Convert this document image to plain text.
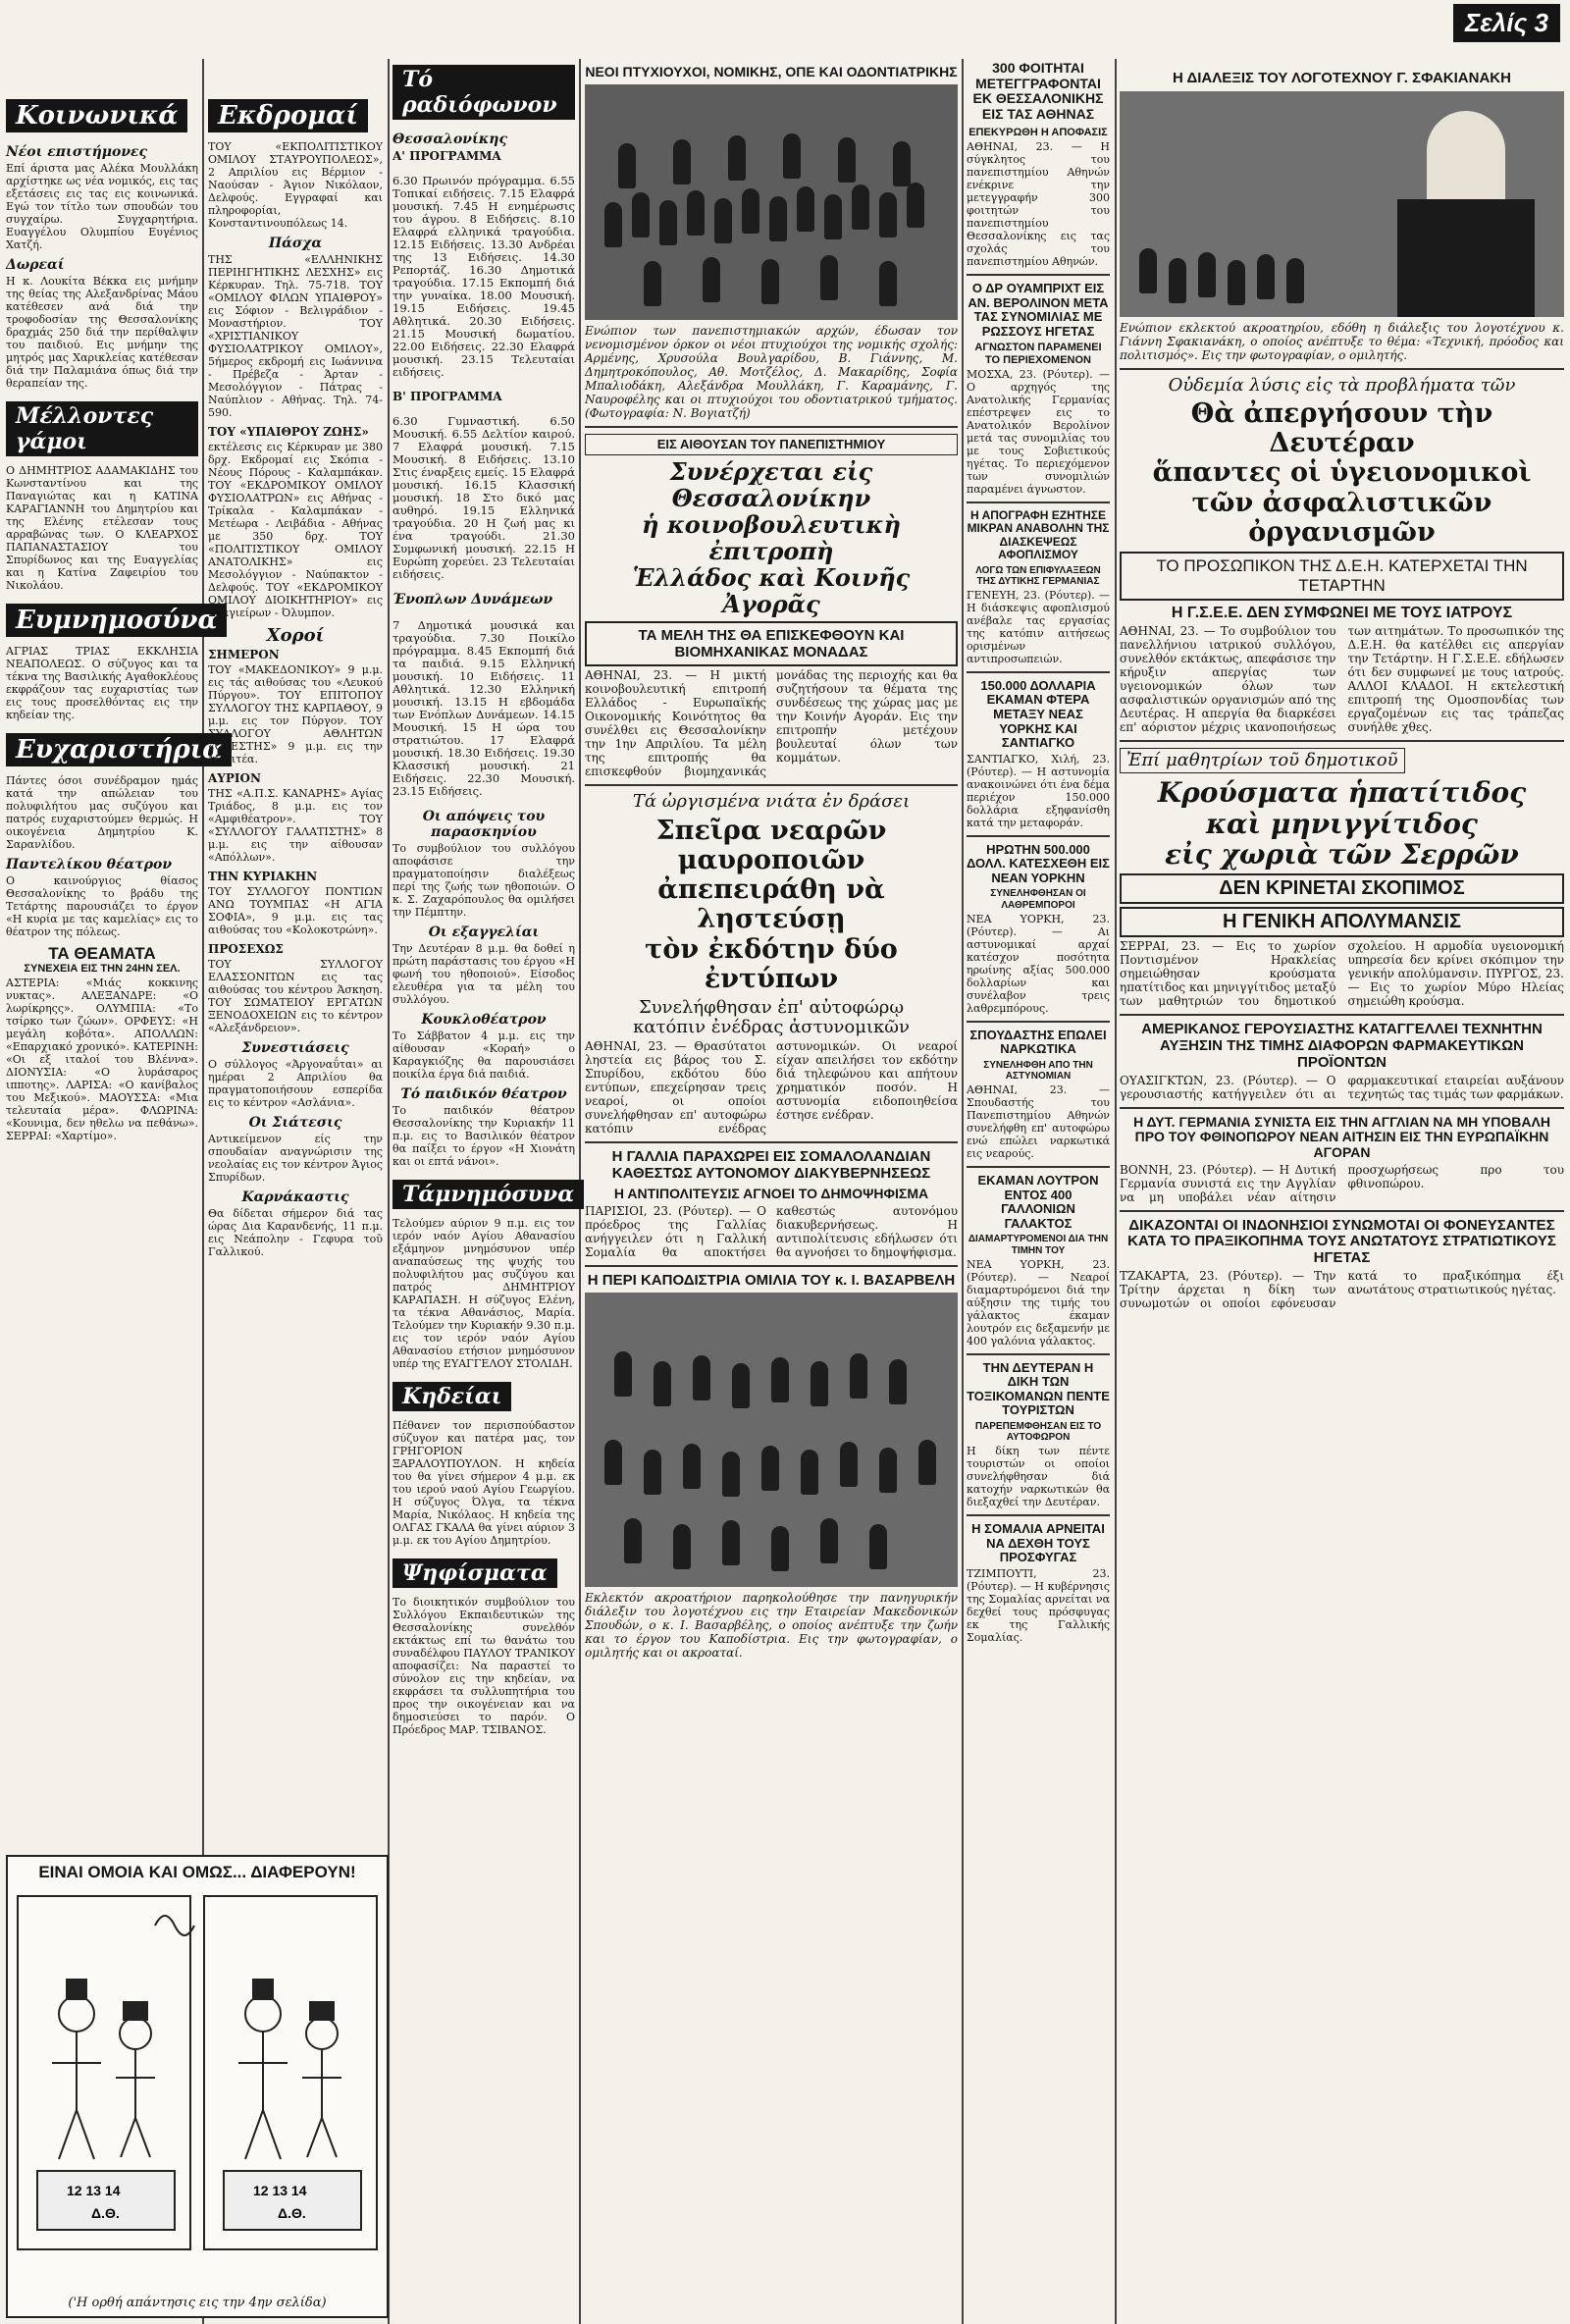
Κοινωνικά
Νέοι επιστήμονες

Επί άριστα μας Αλέκα Μουλλάκη αρχίστηκε ως νέα νομικός, εις τας εξετάσεις εις τας εις κοινωνικά. Εγώ τον τίτλο των σπουδών του συγχαίρω. Συγχαρητήρια. Ευαγγέλου Ολυμπίου Ευγένιος Χατζή.

Δωρεαί

Η κ. Λουκίτα Βέκκα εις μνήμην της θείας της Αλεξανδρίνας Μάου κατέθεσεν ανά διά την τροφοδοσίαν της Θεσσαλονίκης δραχμάς 250 διά την περίθαλψιν του παιδιού. Εις μνήμην της μητρός μας Χαρικλείας κατέθεσαν διά την Παλαμιάνα όπως διά την θεραπείαν της.

Μέλλοντες γάμοι

Ο ΔΗΜΗΤΡΙΟΣ ΑΔΑΜΑΚΙΔΗΣ του Κωνσταντίνου και της Παναγιώτας και η ΚΑΤΙΝΑ ΚΑΡΑΓΙΑΝΝΗ του Δημητρίου και της Ελένης ετέλεσαν τους αρραβώνας των. Ο ΚΛΕΑΡΧΟΣ ΠΑΠΑΝΑΣΤΑΣΙΟΥ του Σπυρίδωνος και της Ευαγγελίας και η Κατίνα Ζαφειρίου του Νικολάου.

Ευμνημοσύνα

ΑΓΡΙΑΣ ΤΡΙΑΣ ΕΚΚΛΗΣΙΑ ΝΕΑΠΟΛΕΩΣ. Ο σύζυγος και τα τέκνα της Βασιλικής Αγαθοκλέους εκφράζουν τας ευχαριστίας των εις τους προσελθόντας εις την κηδείαν της.

Ευχαριστήρια

Πάντες όσοι συνέδραμον ημάς κατά την απώλειαν του πολυφιλήτου μας συζύγου και πατρός ευχαριστούμεν θερμώς. Η οικογένεια Δημητρίου Κ. Σαρανλίδου.

Παντελίκου θέατρον

Ο καινούργιος θίασος Θεσσαλονίκης το βράδυ της Τετάρτης παρουσιάζει το έργον «Η κυρία με τας καμελίας» εις το θέατρον της πόλεως.

ΤΑ ΘΕΑΜΑΤΑ
ΣΥΝΕΧΕΙΑ ΕΙΣ ΤΗΝ 24ΗΝ ΣΕΛ.

ΑΣΤΕΡΙΑ: «Μιάς κοκκινης νυκτας». ΑΛΕΞΑΝΔΡΕ: «Ο λωρίκρηςς». ΟΛΥΜΠΙΑ: «Το τσίρκο των ζώων». ΟΡΦΕΥΣ: «Η μεγάλη κοβότα». ΑΠΟΛΛΩΝ: «Επαρχιακό χρονικό». ΚΑΤΕΡΙΝΗ: «Οι εξ ιταλοί του Βλέννα». ΔΙΟΝΥΣΙΑ: «Ο λυράσαρος ιπποτης». ΛΑΡΙΣΑ: «Ο κανίβαλος του Μεξικού». ΜΑΟΥΣΣΑ: «Μια τελευταία μέρα». ΦΛΩΡΙΝΑ: «Κουνιμα, δεν ηθελω να πεθάνω». ΣΕΡΡΑΙ: «Χαρτίμο».

ΕΙΝΑΙ ΟΜΟΙΑ ΚΑΙ ΟΜΩΣ... ΔΙΑΦΕΡΟΥΝ!
12 13 14
Δ.Θ.
12 13 14
Δ.Θ.
('Η ορθή απάντησις εις την 4ην σελίδα)
Εκδρομαί

ΤΟΥ «ΕΚΠΟΛΙΤΙΣΤΙΚΟΥ ΟΜΙΛΟΥ ΣΤΑΥΡΟΥΠΟΛΕΩΣ», 2 Απριλίου εις Βέρμιον - Ναούσαν - Άγιον Νικόλαον, Δελφούς. Εγγραφαί και πληροφορίαι, Κονσταντινουπόλεως 14.

Πάσχα

ΤΗΣ «ΕΛΛΗΝΙΚΗΣ ΠΕΡΙΗΓΗΤΙΚΗΣ ΛΕΣΧΗΣ» εις Κέρκυραν. Τηλ. 75-718. ΤΟΥ «ΟΜΙΛΟΥ ΦΙΛΩΝ ΥΠΑΙΘΡΟΥ» εις Σόφιον - Βελιγράδιον - Μοναστήριον. ΤΟΥ «ΧΡΙΣΤΙΑΝΙΚΟΥ ΦΥΣΙΟΛΑΤΡΙΚΟΥ ΟΜΙΛΟΥ», 5ήμερος εκδρομή εις Ιωάννινα - Πρέβεζα - Άρταν - Μεσολόγγιον - Πάτρας - Ναύπλιον - Αθήνας. Τηλ. 74-590.

ΤΟΥ «ΥΠΑΙΘΡΟΥ ΖΩΗΣ»

εκτέλεσις εις Κέρκυραν με 380 δρχ. Εκδρομαί εις Σκόπια - Νέους Πόρους - Καλαμπάκαν. ΤΟΥ «ΕΚΔΡΟΜΙΚΟΥ ΟΜΙΛΟΥ ΦΥΣΙΟΛΑΤΡΩΝ» εις Αθήνας - Τρίκαλα - Καλαμπάκαν - Μετέωρα - Λειβάδια - Αθήνας με 350 δρχ. ΤΟΥ «ΠΟΛΙΤΙΣΤΙΚΟΥ ΟΜΙΛΟΥ ΑΝΑΤΟΛΙΚΗΣ» εις Μεσολόγγιον - Ναύπακτον - Δελφούς. ΤΟΥ «ΕΚΔΡΟΜΙΚΟΥ ΟΜΙΛΟΥ ΔΙΟΙΚΗΤΗΡΙΟΥ» εις Σταγιείρων - Όλυμπον.

Χοροί
ΣΗΜΕΡΟΝ

ΤΟΥ «ΜΑΚΕΔΟΝΙΚΟΥ» 9 μ.μ. εις τάς αιθούσας του «Λευκού Πύργου». ΤΟΥ ΕΠΙΤΟΠΟΥ ΣΥΛΛΟΓΟΥ ΤΗΣ ΚΑΡΠΑΘΟΥ, 9 μ.μ. εις τον Πύργον. ΤΟΥ ΣΥΛΛΟΓΟΥ ΑΘΛΗΤΩΝ «ΟΡΕΣΤΗΣ» 9 μ.μ. εις την Μελιτέα.

ΑΥΡΙΟΝ

ΤΗΣ «Α.Π.Σ. ΚΑΝΑΡΗΣ» Αγίας Τριάδος, 8 μ.μ. εις τον «Αμφιθέατρον». ΤΟΥ «ΣΥΛΛΟΓΟΥ ΓΑΛΑΤΙΣΤΗΣ» 8 μ.μ. εις την αίθουσαν «Απόλλων».

ΤΗΝ ΚΥΡΙΑΚΗΝ

ΤΟΥ ΣΥΛΛΟΓΟΥ ΠΟΝΤΙΩΝ ΑΝΩ ΤΟΥΜΠΑΣ «Η ΑΓΙΑ ΣΟΦΙΑ», 9 μ.μ. εις τας αιθούσας του «Κολοκοτρώνη».

ΠΡΟΣΕΧΩΣ

ΤΟΥ ΣΥΛΛΟΓΟΥ ΕΛΑΣΣΟΝΙΤΩΝ εις τας αιθούσας του κέντρου Άσκηση. ΤΟΥ ΣΩΜΑΤΕΙΟΥ ΕΡΓΑΤΩΝ ΞΕΝΟΔΟΧΕΙΩΝ εις το κέντρον «Αλεξάνδρειον».

Συνεστιάσεις

Ο σύλλογος «Άργοναΰται» αι ημέραι 2 Απριλίου θα πραγματοποιήσουν εσπερίδα εις το κέντρον «Ασλάνια».

Οι Σιάτεσις

Αντικείμενον είς την σπουδαίαν αναγνώρισιν της νεολαίας εις τον κέντρον Άγιος Σπυρίδων.

Καρνάκαστις

Θα δίδεται σήμερον διά τας ώρας Δια Καρανδενής, 11 π.μ. εις Νεάπολην - Γεφυρα τοῦ Γαλλικού.

Τό ραδιόφωνον
Θεσσαλονίκης
Α' ΠΡΟΓΡΑΜΜΑ

6.30 Πρωινόν πρόγραμμα. 6.55 Τοπικαί ειδήσεις. 7.15 Ελαφρά μουσική. 7.45 Η ενημέρωσις του άγρου. 8 Ειδήσεις. 8.10 Ελαφρά ελληνικά τραγούδια. 12.15 Ειδήσεις. 13.30 Ανδρέαι της 13 Ειδήσεις. 14.30 Ρεπορτάζ. 16.30 Δημοτικά τραγούδια. 17.15 Εκπομπή διά την γυναίκα. 18.00 Μουσική. 19.15 Ειδήσεις. 19.45 Αθλητικά. 20.30 Ειδήσεις. 21.15 Μουσική δωματίου. 22.00 Ειδήσεις. 22.30 Ελαφρά μουσική. 23.15 Τελευταίαι ειδήσεις.

Β' ΠΡΟΓΡΑΜΜΑ

6.30 Γυμναστική. 6.50 Μουσική. 6.55 Δελτίον καιρού. 7 Ελαφρά μουσική. 7.15 Μουσική. 8 Ειδήσεις. 13.10 Στις έναρξεις εμείς. 15 Ελαφρά μουσική. 16.15 Κλασσική μουσική. 18 Στο δικό μας αυθηρό. 19.15 Ελληνικά τραγούδια. 20 Η ζωή μας κι ένα τραγούδι. 21.30 Συμφωνική μουσική. 22.15 Η Ευρώπη χορεύει. 23 Τελευταίαι ειδήσεις.

Ένοπλων Δυνάμεων

7 Δημοτικά μουσικά και τραγούδια. 7.30 Ποικίλο πρόγραμμα. 8.45 Εκπομπή διά τα παιδιά. 9.15 Ελληνική μουσική. 10 Ειδήσεις. 11 Αθλητικά. 12.30 Ελληνική μουσική. 13.15 Η εβδομάδα των Ενόπλων Δυνάμεων. 14.15 Μουσική. 15 Η ώρα του στρατιώτου. 17 Ελαφρά μουσική. 18.30 Ειδήσεις. 19.30 Κλασσική μουσική. 21 Ειδήσεις. 22.30 Μουσική. 23.15 Ειδήσεις.

Οι απόψεις του παρασκηνίου

Το συμβούλιον του συλλόγου αποφάσισε την πραγματοποίησιν διαλέξεως περί της ζωής των ηθοποιών. Ο κ. Σ. Ζαχαρόπουλος θα ομιλήσει την Πέμπτην.

Οι εξαγγελίαι

Την Δευτέραν 8 μ.μ. θα δοθεί η πρώτη παράστασις του έργου «Η φωνή του ηθοποιού». Είσοδος ελευθέρα για τα μέλη του συλλόγου.

Κουκλοθέατρον

Το Σάββατον 4 μ.μ. εις την αίθουσαν «Κοραή» ο Καραγκιόζης θα παρουσιάσει ποικίλα έργα διά παιδιά.

Τό παιδικόν θέατρον

Το παιδικόν θέατρον Θεσσαλονίκης την Κυριακήν 11 π.μ. εις το Βασιλικόν θέατρον θα παίξει το έργον «Η Χιονάτη και οι επτά νάνοι».

Τάμνημόσυνα

Τελούμεν αύριον 9 π.μ. εις τον ιερόν ναόν Αγίου Αθανασίου εξάμηνον μνημόσυνον υπέρ αναπαύσεως της ψυχής του πολυφιλήτου μας συζύγου και πατρός ΔΗΜΗΤΡΙΟΥ ΚΑΡΑΠΑΣΗ. Η σύζυγος Ελένη, τα τέκνα Αθανάσιος, Μαρία. Τελούμεν την Κυριακήν 9.30 π.μ. εις τον ιερόν ναόν Αγίου Αθανασίου ετήσιον μνημόσυνον υπέρ της ΕΥΑΓΓΕΛΟΥ ΣΤΟΛΙΔΗ.

Κηδείαι

Πέθανεν τον περισπούδαστον σύζυγον και πατέρα μας, τον ΓΡΗΓΟΡΙΟΝ ΞΑΡΑΛΟΥΠΟΥΛΟΝ. Η κηδεία του θα γίνει σήμερον 4 μ.μ. εκ του ιερού ναού Αγίου Γεωργίου. Η σύζυγος Όλγα, τα τέκνα Μαρία, Νικόλαος. Η κηδεία της ΟΛΓΑΣ ΓΚΑΛΑ θα γίνει αύριον 3 μ.μ. εκ του Αγίου Δημητρίου.

Ψηφίσματα

Το διοικητικόν συμβούλιον του Συλλόγου Εκπαιδευτικών της Θεσσαλονίκης συνελθόν εκτάκτως επί τω θανάτω του συναδέλφου ΠΑΥΛΟΥ ΤΡΑΝΙΚΟΥ αποφασίζει: Να παραστεί το σύνολον εις την κηδείαν, να εκφράσει τα συλλυπητήρια του προς την οικογένειαν και να δημοσιεύσει το παρόν. Ο Πρόεδρος ΜΑΡ. ΤΣΙΒΑΝΟΣ.

ΝΕΟΙ ΠΤΥΧΙΟΥΧΟΙ, ΝΟΜΙΚΗΣ, ΟΠΕ ΚΑΙ ΟΔΟΝΤΙΑΤΡΙΚΗΣ

Ενώπιον των πανεπιστημιακών αρχών, έδωσαν τον νενομισμένον όρκον οι νέοι πτυχιούχοι της νομικής σχολής: Αρμένης, Χρυσούλα Βουλγαρίδου, Β. Γιάννης, Μ. Δημητροκόπουλος, Αθ. Μοτζέλος, Δ. Μακαρίδης, Σοφία Μπαλιοδάκη, Αλεξάνδρα Μουλλάκη, Γ. Καραμάνης, Γ. Ναυροφέλης και οι πτυχιούχοι του οδοντιατρικού τμήματος. (Φωτογραφία: Ν. Βογιατζή)

ΕΙΣ ΑΙΘΟΥΣΑΝ ΤΟΥ ΠΑΝΕΠΙΣΤΗΜΙΟΥ
Συνέρχεται εἰς Θεσσαλονίκην
ἡ κοινοβουλευτικὴ ἐπιτροπὴ
Ἑλλάδος καὶ Κοινῆς Ἀγορᾶς
ΤΑ ΜΕΛΗ ΤΗΣ ΘΑ ΕΠΙΣΚΕΦΘΟΥΝ ΚΑΙ ΒΙΟΜΗΧΑΝΙΚΑΣ ΜΟΝΑΔΑΣ

ΑΘΗΝΑΙ, 23. — Η μικτή κοινοβουλευτική επιτροπή Ελλάδος - Ευρωπαϊκής Οικονομικής Κοινότητος θα συνέλθει εις Θεσσαλονίκην την 1ην Απριλίου. Τα μέλη της επιτροπής θα επισκεφθούν βιομηχανικάς μονάδας της περιοχής και θα συζητήσουν τα θέματα της συνδέσεως της χώρας μας με την Κοινήν Αγοράν. Εις την επιτροπήν μετέχουν βουλευταί όλων των κομμάτων.

Τά ὠργισμένα νιάτα ἐν δράσει
Σπεῖρα νεαρῶν μαυροποιῶν
ἀπεπειράθη νὰ ληστεύσῃ
τὸν ἐκδότην δύο ἐντύπων
Συνελήφθησαν ἐπ' αὐτοφώρῳ
κατόπιν ἐνέδρας ἀστυνομικῶν

ΑΘΗΝΑΙ, 23. — Θρασύτατοι ληστεία εις βάρος του Σ. Σπυρίδου, εκδότου δύο εντύπων, επεχείρησαν τρεις νεαροί, οι οποίοι συνελήφθησαν επ' αυτοφώρω κατόπιν ενέδρας αστυνομικών. Οι νεαροί είχαν απειλήσει τον εκδότην διά τηλεφώνου και απήτουν χρηματικόν ποσόν. Η αστυνομία ειδοποιηθείσα έστησε ενέδραν.

Η ΓΑΛΛΙΑ ΠΑΡΑΧΩΡΕΙ ΕΙΣ ΣΟΜΑΛΟΛΑΝΔΙΑΝ ΚΑΘΕΣΤΩΣ ΑΥΤΟΝΟΜΟΥ ΔΙΑΚΥΒΕΡΝΗΣΕΩΣ
Η ΑΝΤΙΠΟΛΙΤΕΥΣΙΣ ΑΓΝΟΕΙ ΤΟ ΔΗΜΟΨΗΦΙΣΜΑ

ΠΑΡΙΣΙΟΙ, 23. (Ρόυτερ). — Ο πρόεδρος της Γαλλίας ανήγγειλεν ότι η Γαλλική Σομαλία θα αποκτήσει καθεστώς αυτονόμου διακυβερνήσεως. Η αντιπολίτευσις εδήλωσεν ότι θα αγνοήσει το δημοψήφισμα.

Η ΠΕΡΙ ΚΑΠΟΔΙΣΤΡΙΑ ΟΜΙΛΙΑ ΤΟΥ κ. Ι. ΒΑΣΑΡΒΕΛΗ

Εκλεκτόν ακροατήριον παρηκολούθησε την πανηγυρικήν διάλεξιν του λογοτέχνου εις την Εταιρείαν Μακεδονικών Σπουδών, ο κ. Ι. Βασαρβέλης, ο οποίος ανέπτυξε την ζωήν και το έργον του Καποδίστρια. Εις την φωτογραφίαν, ο ομιλητής και οι ακροαταί.

300 ΦΟΙΤΗΤΑΙ ΜΕΤΕΓΓΡΑΦΟΝΤΑΙ ΕΚ ΘΕΣΣΑΛΟΝΙΚΗΣ ΕΙΣ ΤΑΣ ΑΘΗΝΑΣ
ΕΠΕΚΥΡΩΘΗ Η ΑΠΟΦΑΣΙΣ

ΑΘΗΝΑΙ, 23. — Η σύγκλητος του πανεπιστημίου Αθηνών ενέκρινε την μετεγγραφήν 300 φοιτητών του πανεπιστημίου Θεσσαλονίκης εις τας σχολάς του πανεπιστημίου Αθηνών.

Ο ΔΡ ΟΥΑΜΠΡΙΧΤ ΕΙΣ ΑΝ. ΒΕΡΟΛΙΝΟΝ ΜΕΤΑ ΤΑΣ ΣΥΝΟΜΙΛΙΑΣ ΜΕ ΡΩΣΣΟΥΣ ΗΓΕΤΑΣ
ΑΓΝΩΣΤΟΝ ΠΑΡΑΜΕΝΕΙ ΤΟ ΠΕΡΙΕΧΟΜΕΝΟΝ

ΜΟΣΧΑ, 23. (Ρόυτερ). — Ο αρχηγός της Ανατολικής Γερμανίας επέστρεψεν εις το Ανατολικόν Βερολίνον μετά τας συνομιλίας του με τους Σοβιετικούς ηγέτας. Το περιεχόμενον των συνομιλιών παραμένει άγνωστον.

Η ΑΠΟΓΡΑΦΗ ΕΖΗΤΗΣΕ ΜΙΚΡΑΝ ΑΝΑΒΟΛΗΝ ΤΗΣ ΔΙΑΣΚΕΨΕΩΣ ΑΦΟΠΛΙΣΜΟΥ
ΛΟΓΩ ΤΩΝ ΕΠΙΦΥΛΑΞΕΩΝ ΤΗΣ ΔΥΤΙΚΗΣ ΓΕΡΜΑΝΙΑΣ

ΓΕΝΕΥΗ, 23. (Ρόυτερ). — Η διάσκεψις αφοπλισμού ανέβαλε τας εργασίας της κατόπιν αιτήσεως ορισμένων αντιπροσωπειών.

150.000 ΔΟΛΛΑΡΙΑ ΕΚΑΜΑΝ ΦΤΕΡΑ ΜΕΤΑΞΥ ΝΕΑΣ ΥΟΡΚΗΣ ΚΑΙ ΣΑΝΤΙΑΓΚΟ

ΣΑΝΤΙΑΓΚΟ, Χιλή, 23. (Ρόυτερ). — Η αστυνομία ανακοινώνει ότι ένα δέμα περιέχον 150.000 δολλάρια εξηφανίσθη κατά την μεταφοράν.

ΗΡΩΤΗΝ 500.000 ΔΟΛΛ. ΚΑΤΕΣΧΕΘΗ ΕΙΣ ΝΕΑΝ ΥΟΡΚΗΝ
ΣΥΝΕΛΗΦΘΗΣΑΝ ΟΙ ΛΑΘΡΕΜΠΟΡΟΙ

ΝΕΑ ΥΟΡΚΗ, 23. (Ρόυτερ). — Αι αστυνομικαί αρχαί κατέσχον ποσότητα ηρωίνης αξίας 500.000 δολλαρίων και συνέλαβον τρεις λαθρεμπόρους.

ΣΠΟΥΔΑΣΤΗΣ ΕΠΩΛΕΙ ΝΑΡΚΩΤΙΚΑ
ΣΥΝΕΛΗΦΘΗ ΑΠΟ ΤΗΝ ΑΣΤΥΝΟΜΙΑΝ

ΑΘΗΝΑΙ, 23. — Σπουδαστής του Πανεπιστημίου Αθηνών συνελήφθη επ' αυτοφώρω ενώ επώλει ναρκωτικά εις νεαρούς.

ΕΚΑΜΑΝ ΛΟΥΤΡΟΝ ΕΝΤΟΣ 400 ΓΑΛΛΟΝΙΩΝ ΓΑΛΑΚΤΟΣ
ΔΙΑΜΑΡΤΥΡΟΜΕΝΟΙ ΔΙΑ ΤΗΝ ΤΙΜΗΝ ΤΟΥ

ΝΕΑ ΥΟΡΚΗ, 23. (Ρόυτερ). — Νεαροί διαμαρτυρόμενοι διά την αύξησιν της τιμής του γάλακτος έκαμαν λουτρόν εις δεξαμενήν με 400 γαλόνια γάλακτος.

ΤΗΝ ΔΕΥΤΕΡΑΝ Η ΔΙΚΗ ΤΩΝ ΤΟΞΙΚΟΜΑΝΩΝ ΠΕΝΤΕ ΤΟΥΡΙΣΤΩΝ
ΠΑΡΕΠΕΜΦΘΗΣΑΝ ΕΙΣ ΤΟ ΑΥΤΟΦΩΡΟΝ

Η δίκη των πέντε τουριστών οι οποίοι συνελήφθησαν διά κατοχήν ναρκωτικών θα διεξαχθεί την Δευτέραν.

Η ΣΟΜΑΛΙΑ ΑΡΝΕΙΤΑΙ ΝΑ ΔΕΧΘΗ ΤΟΥΣ ΠΡΟΣΦΥΓΑΣ

ΤΖΙΜΠΟΥΤΙ, 23. (Ρόυτερ). — Η κυβέρνησις της Σομαλίας αρνείται να δεχθεί τους πρόσφυγας εκ της Γαλλικής Σομαλίας.

Σελίς 3
Η ΔΙΑΛΕΞΙΣ ΤΟΥ ΛΟΓΟΤΕΧΝΟΥ Γ. ΣΦΑΚΙΑΝΑΚΗ

Ενώπιον εκλεκτού ακροατηρίου, εδόθη η διάλεξις του λογοτέχνου κ. Γιάννη Σφακιανάκη, ο οποίος ανέπτυξε το θέμα: «Τεχνική, πρόοδος και πολιτισμός». Εις την φωτογραφίαν, ο ομιλητής.

Οὐδεμία λύσις εἰς τὰ προβλήματα τῶν
Θὰ ἀπεργήσουν τὴν Δευτέραν
ἅπαντες οἱ ὑγειονομικοὶ
τῶν ἀσφαλιστικῶν ὀργανισμῶν
ΤΟ ΠΡΟΣΩΠΙΚΟΝ ΤΗΣ Δ.Ε.Η. ΚΑΤΕΡΧΕΤΑΙ ΤΗΝ ΤΕΤΑΡΤΗΝ
Η Γ.Σ.Ε.Ε. ΔΕΝ ΣΥΜΦΩΝΕΙ ΜΕ ΤΟΥΣ ΙΑΤΡΟΥΣ

ΑΘΗΝΑΙ, 23. — Το συμβούλιον του πανελλήνιου ιατρικού συλλόγου, συνελθόν εκτάκτως, απεφάσισε την κήρυξιν απεργίας των υγειονομικών όλων των ασφαλιστικών οργανισμών από της Δευτέρας. Η απεργία θα διαρκέσει επ' αόριστον μέχρις ικανοποιήσεως των αιτημάτων. Το προσωπικόν της Δ.Ε.Η. θα κατέλθει εις απεργίαν την Τετάρτην. Η Γ.Σ.Ε.Ε. εδήλωσεν ότι δεν συμφωνεί με τους ιατρούς. ΑΛΛΟΙ ΚΛΑΔΟΙ. Η εκτελεστική επιτροπή της Ομοσπονδίας των εργαζομένων εις τας τράπεζας συνήλθε χθες.

Ἐπί μαθητρίων τοῦ δημοτικοῦ
Κρούσματα ἡπατίτιδος
καὶ μηνιγγίτιδος
εἰς χωριὰ τῶν Σερρῶν
ΔΕΝ ΚΡΙΝΕΤΑΙ ΣΚΟΠΙΜΟΣ
Η ΓΕΝΙΚΗ ΑΠΟΛΥΜΑΝΣΙΣ

ΣΕΡΡΑΙ, 23. — Εις το χωρίον Ποντισμένον Ηρακλείας σημειώθησαν κρούσματα ηπατίτιδος και μηνιγγίτιδος μεταξύ των μαθητριών του δημοτικού σχολείου. Η αρμοδία υγειονομική υπηρεσία δεν κρίνει σκόπιμον την γενικήν απολύμανσιν. ΠΥΡΓΟΣ, 23. — Εις το χωρίον Μύρο Ηλείας σημειώθη κρούσμα.

ΑΜΕΡΙΚΑΝΟΣ ΓΕΡΟΥΣΙΑΣΤΗΣ ΚΑΤΑΓΓΕΛΛΕΙ ΤΕΧΝΗΤΗΝ ΑΥΞΗΣΙΝ ΤΗΣ ΤΙΜΗΣ ΔΙΑΦΟΡΩΝ ΦΑΡΜΑΚΕΥΤΙΚΩΝ ΠΡΟΪΟΝΤΩΝ

ΟΥΑΣΙΓΚΤΩΝ, 23. (Ρόυτερ). — Ο γερουσιαστής κατήγγειλεν ότι αι φαρμακευτικαί εταιρείαι αυξάνουν τεχνητώς τας τιμάς των φαρμάκων.

Η ΔΥΤ. ΓΕΡΜΑΝΙΑ ΣΥΝΙΣΤΑ ΕΙΣ ΤΗΝ ΑΓΓΛΙΑΝ ΝΑ ΜΗ ΥΠΟΒΑΛΗ ΠΡΟ ΤΟΥ ΦΘΙΝΟΠΩΡΟΥ ΝΕΑΝ ΑΙΤΗΣΙΝ ΕΙΣ ΤΗΝ ΕΥΡΩΠΑΪΚΗΝ ΑΓΟΡΑΝ

ΒΟΝΝΗ, 23. (Ρόυτερ). — Η Δυτική Γερμανία συνιστά εις την Αγγλίαν να μη υποβάλει νέαν αίτησιν προσχωρήσεως προ του φθινοπώρου.

ΔΙΚΑΖΟΝΤΑΙ ΟΙ ΙΝΔΟΝΗΣΙΟΙ ΣΥΝΩΜΟΤΑΙ ΟΙ ΦΟΝΕΥΣΑΝΤΕΣ ΚΑΤΑ ΤΟ ΠΡΑΞΙΚΟΠΗΜΑ ΤΟΥΣ ΑΝΩΤΑΤΟΥΣ ΣΤΡΑΤΙΩΤΙΚΟΥΣ ΗΓΕΤΑΣ

ΤΖΑΚΑΡΤΑ, 23. (Ρόυτερ). — Την Τρίτην άρχεται η δίκη των συνωμοτών οι οποίοι εφόνευσαν κατά το πραξικόπημα έξι ανωτάτους στρατιωτικούς ηγέτας.
